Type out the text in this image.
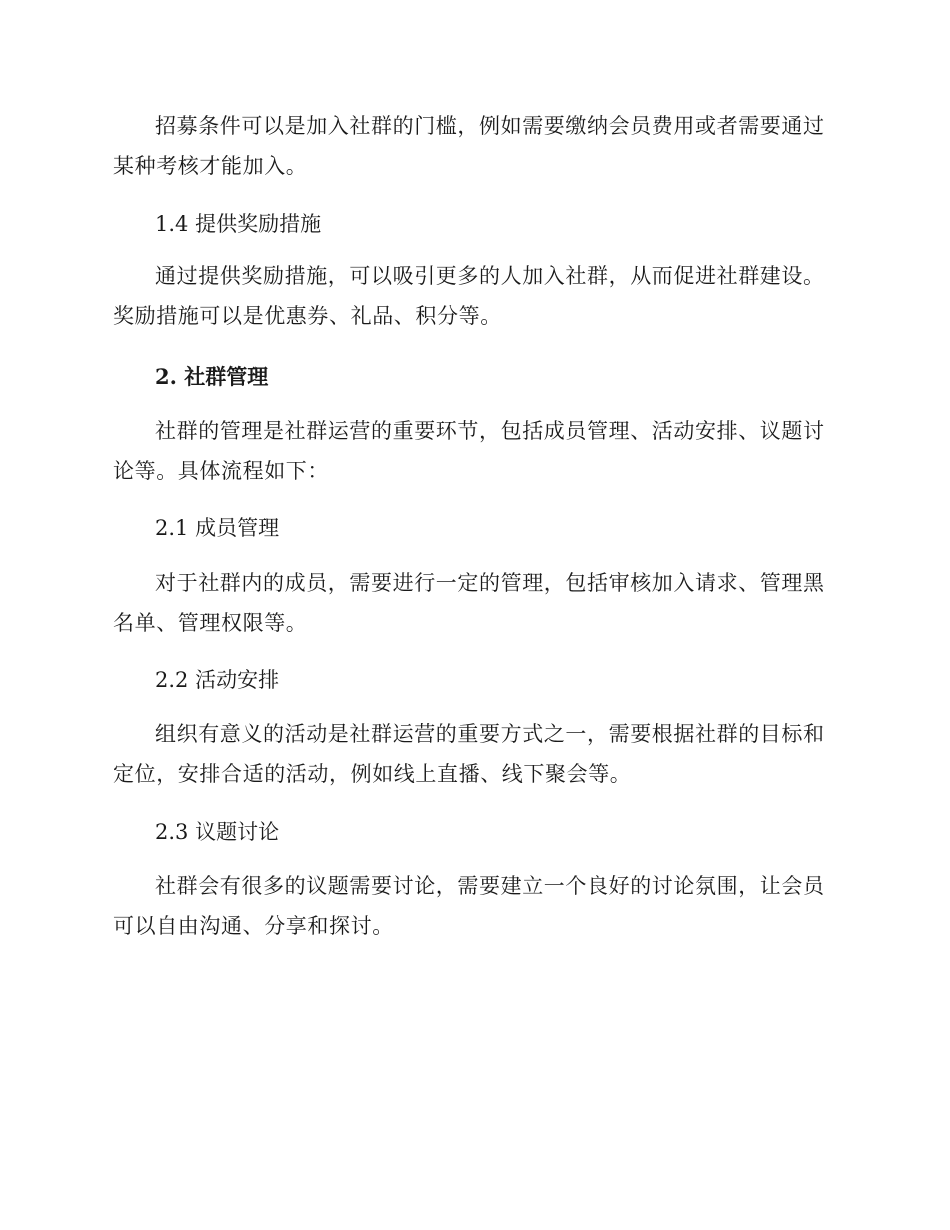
招募条件可以是加入社群的门槛，例如需要缴纳会员费用或者需要通过某种考核才能加入。

1.4 提供奖励措施

通过提供奖励措施，可以吸引更多的人加入社群，从而促进社群建设。奖励措施可以是优惠券、礼品、积分等。

2. 社群管理

社群的管理是社群运营的重要环节，包括成员管理、活动安排、议题讨论等。具体流程如下：

2.1 成员管理

对于社群内的成员，需要进行一定的管理，包括审核加入请求、管理黑名单、管理权限等。

2.2 活动安排

组织有意义的活动是社群运营的重要方式之一，需要根据社群的目标和定位，安排合适的活动，例如线上直播、线下聚会等。

2.3 议题讨论

社群会有很多的议题需要讨论，需要建立一个良好的讨论氛围，让会员可以自由沟通、分享和探讨。
